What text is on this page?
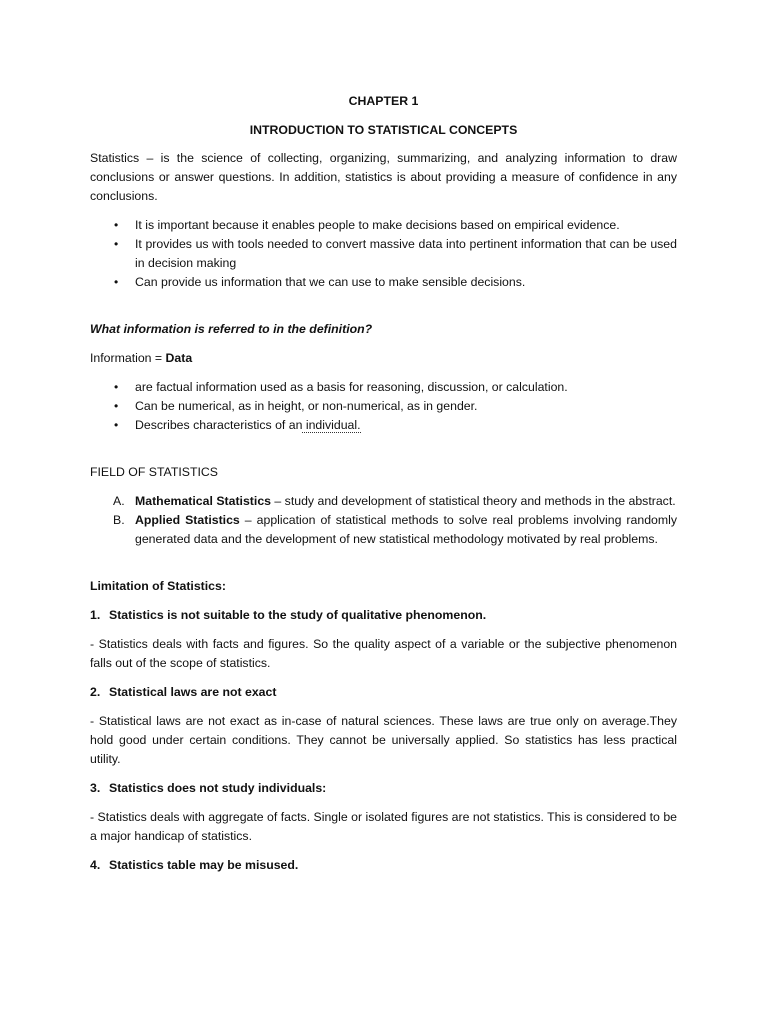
CHAPTER 1

INTRODUCTION TO STATISTICAL CONCEPTS

Statistics – is the science of collecting, organizing, summarizing, and analyzing information to draw conclusions or answer questions. In addition, statistics is about providing a measure of confidence in any conclusions.

• It is important because it enables people to make decisions based on empirical evidence.
• It provides us with tools needed to convert massive data into pertinent information that can be used in decision making
• Can provide us information that we can use to make sensible decisions.

What information is referred to in the definition?

Information = Data

• are factual information used as a basis for reasoning, discussion, or calculation.
• Can be numerical, as in height, or non-numerical, as in gender.
• Describes characteristics of an individual.

FIELD OF STATISTICS

A. Mathematical Statistics – study and development of statistical theory and methods in the abstract.
B. Applied Statistics – application of statistical methods to solve real problems involving randomly generated data and the development of new statistical methodology motivated by real problems.

Limitation of Statistics:

1. Statistics is not suitable to the study of qualitative phenomenon.

- Statistics deals with facts and figures. So the quality aspect of a variable or the subjective phenomenon falls out of the scope of statistics.

2. Statistical laws are not exact

- Statistical laws are not exact as in-case of natural sciences. These laws are true only on average.They hold good under certain conditions. They cannot be universally applied. So statistics has less practical utility.

3. Statistics does not study individuals:

- Statistics deals with aggregate of facts. Single or isolated figures are not statistics. This is considered to be a major handicap of statistics.

4. Statistics table may be misused.
